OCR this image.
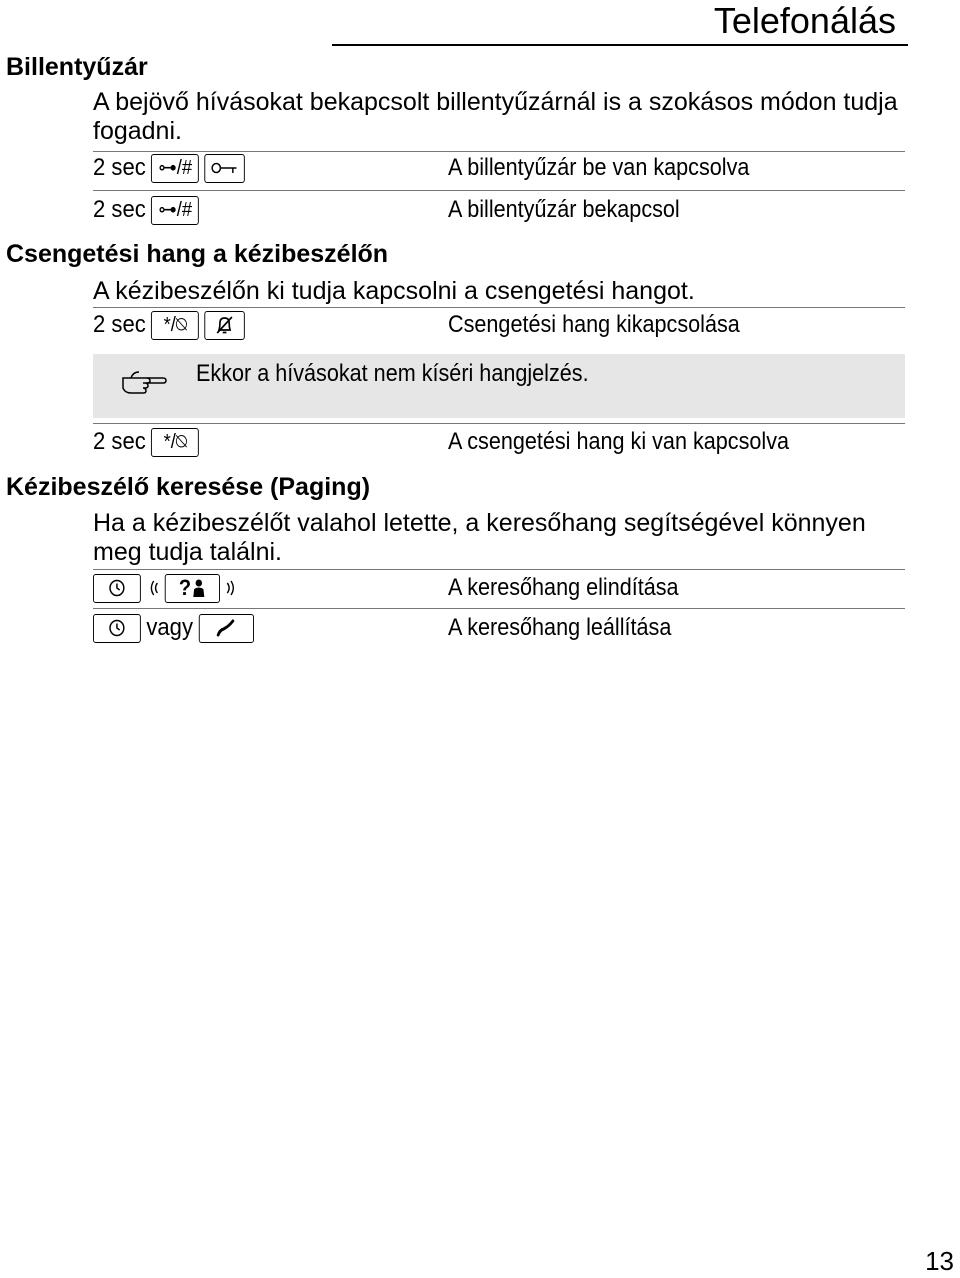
Telefonálás
Billentyűzár
A bejövő hívásokat bekapcsolt billentyűzárnál is a szokásos módon tudja fogadni.
2 sec ⊶/#	A billentyűzár be van kapcsolva
2 sec ⊶/#	A billentyűzár bekapcsol
Csengetési hang a kézibeszélőn
A kézibeszélőn ki tudja kapcsolni a csengetési hangot.
2 sec */⍉	Csengetési hang kikapcsolása
Ekkor a hívásokat nem kíséri hangjelzés.
2 sec */⍉	A csengetési hang ki van kapcsolva
Kézibeszélő keresése (Paging)
Ha a kézibeszélőt valahol letette, a keresőhang segítségével könnyen meg tudja találni.
?	A keresőhang elindítása
vagy	A keresőhang leállítása
13
